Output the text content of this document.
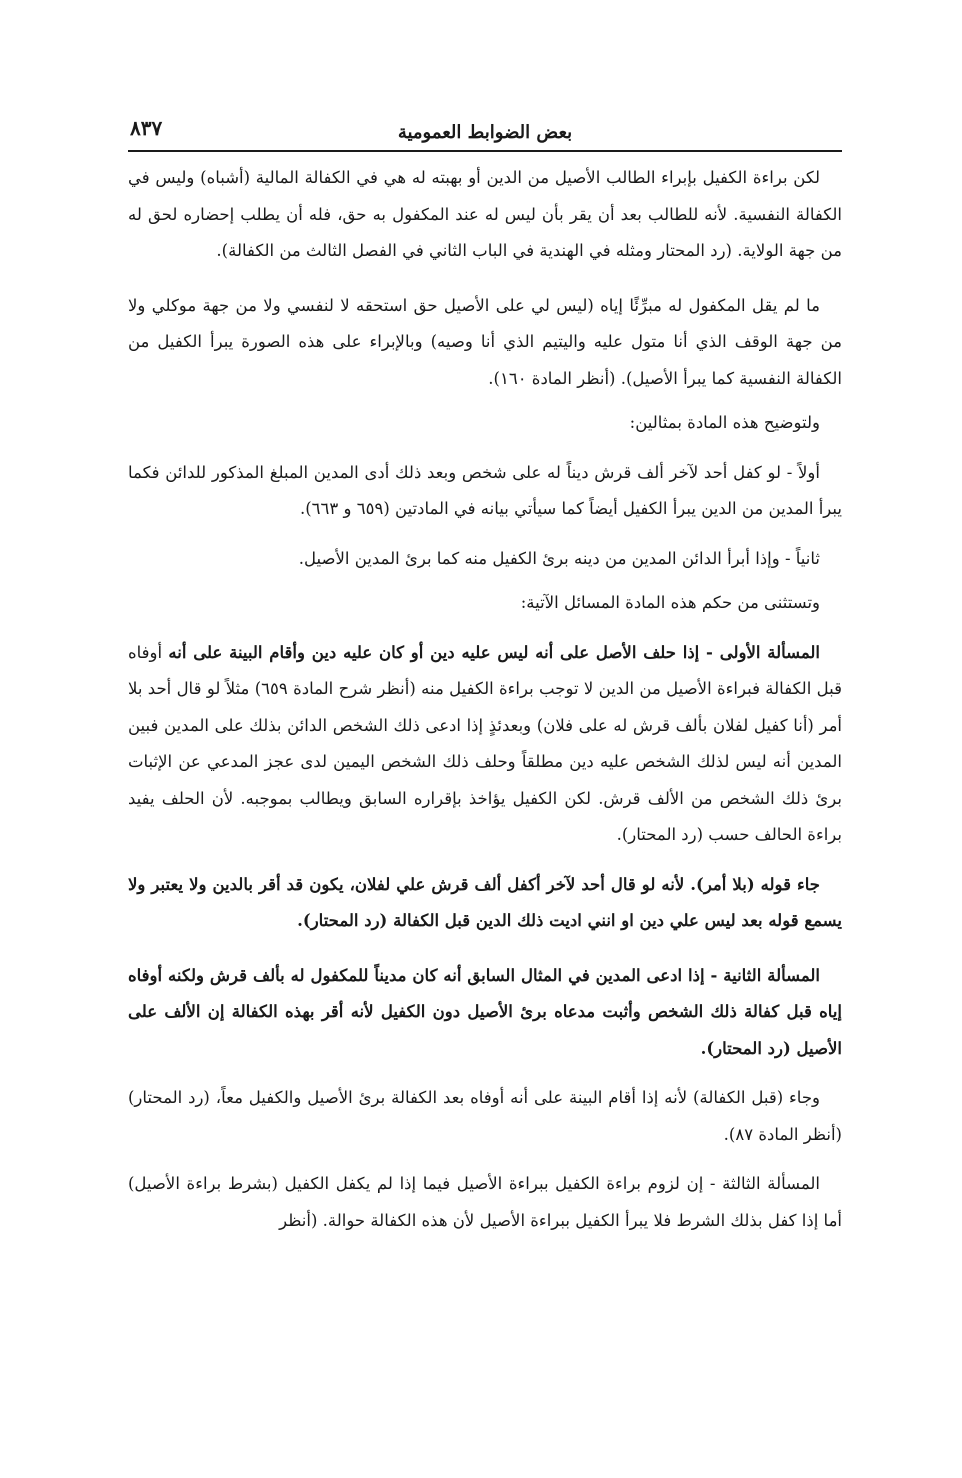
بعض الضوابط العمومية
٨٣٧

لكن براءة الكفيل بإبراء الطالب الأصيل من الدين أو بهبته له هي في الكفالة المالية (أشباه) وليس في الكفالة النفسية. لأنه للطالب بعد أن يقر بأن ليس له عند المكفول به حق، فله أن يطلب إحضاره لحق له من جهة الولاية. (رد المحتار ومثله في الهندية في الباب الثاني في الفصل الثالث من الكفالة).

ما لم يقل المكفول له مبرِّئًا إياه (ليس لي على الأصيل حق استحقه لا لنفسي ولا من جهة موكلي ولا من جهة الوقف الذي أنا متول عليه واليتيم الذي أنا وصيه) وبالإبراء على هذه الصورة يبرأ الكفيل من الكفالة النفسية كما يبرأ الأصيل). (أنظر المادة ١٦٠).

ولتوضيح هذه المادة بمثالين:

أولاً - لو كفل أحد لآخر ألف قرش ديناً له على شخص وبعد ذلك أدى المدين المبلغ المذكور للدائن فكما يبرأ المدين من الدين يبرأ الكفيل أيضاً كما سيأتي بيانه في المادتين (٦٥٩ و ٦٦٣).

ثانياً - وإذا أبرأ الدائن المدين من دينه برئ الكفيل منه كما برئ المدين الأصيل.

وتستثنى من حكم هذه المادة المسائل الآتية:

المسألة الأولى - إذا حلف الأصل على أنه ليس عليه دين أو كان عليه دين وأقام البينة على أنه أوفاه قبل الكفالة فبراءة الأصيل من الدين لا توجب براءة الكفيل منه (أنظر شرح المادة ٦٥٩) مثلاً لو قال أحد بلا أمر (أنا كفيل لفلان بألف قرش له على فلان) وبعدئذٍ إذا ادعى ذلك الشخص الدائن بذلك على المدين فبين المدين أنه ليس لذلك الشخص عليه دين مطلقاً وحلف ذلك الشخص اليمين لدى عجز المدعي عن الإثبات برئ ذلك الشخص من الألف قرش. لكن الكفيل يؤاخذ بإقراره السابق ويطالب بموجبه. لأن الحلف يفيد براءة الحالف حسب (رد المحتار).

جاء قوله (بلا أمر). لأنه لو قال أحد لآخر أكفل ألف قرش علي لفلان، يكون قد أقر بالدين ولا يعتبر ولا يسمع قوله بعد ليس علي دين او انني اديت ذلك الدين قبل الكفالة (رد المحتار).

المسألة الثانية - إذا ادعى المدين في المثال السابق أنه كان مديناً للمكفول له بألف قرش ولكنه أوفاه إياه قبل كفالة ذلك الشخص وأثبت مدعاه برئ الأصيل دون الكفيل لأنه أقر بهذه الكفالة إن الألف على الأصيل (رد المحتار).

وجاء (قبل الكفالة) لأنه إذا أقام البينة على أنه أوفاه بعد الكفالة برئ الأصيل والكفيل معاً، (رد المحتار) (أنظر المادة ٨٧).

المسألة الثالثة - إن لزوم براءة الكفيل ببراءة الأصيل فيما إذا لم يكفل الكفيل (بشرط براءة الأصيل) أما إذا كفل بذلك الشرط فلا يبرأ الكفيل ببراءة الأصيل لأن هذه الكفالة حوالة. (أنظر
